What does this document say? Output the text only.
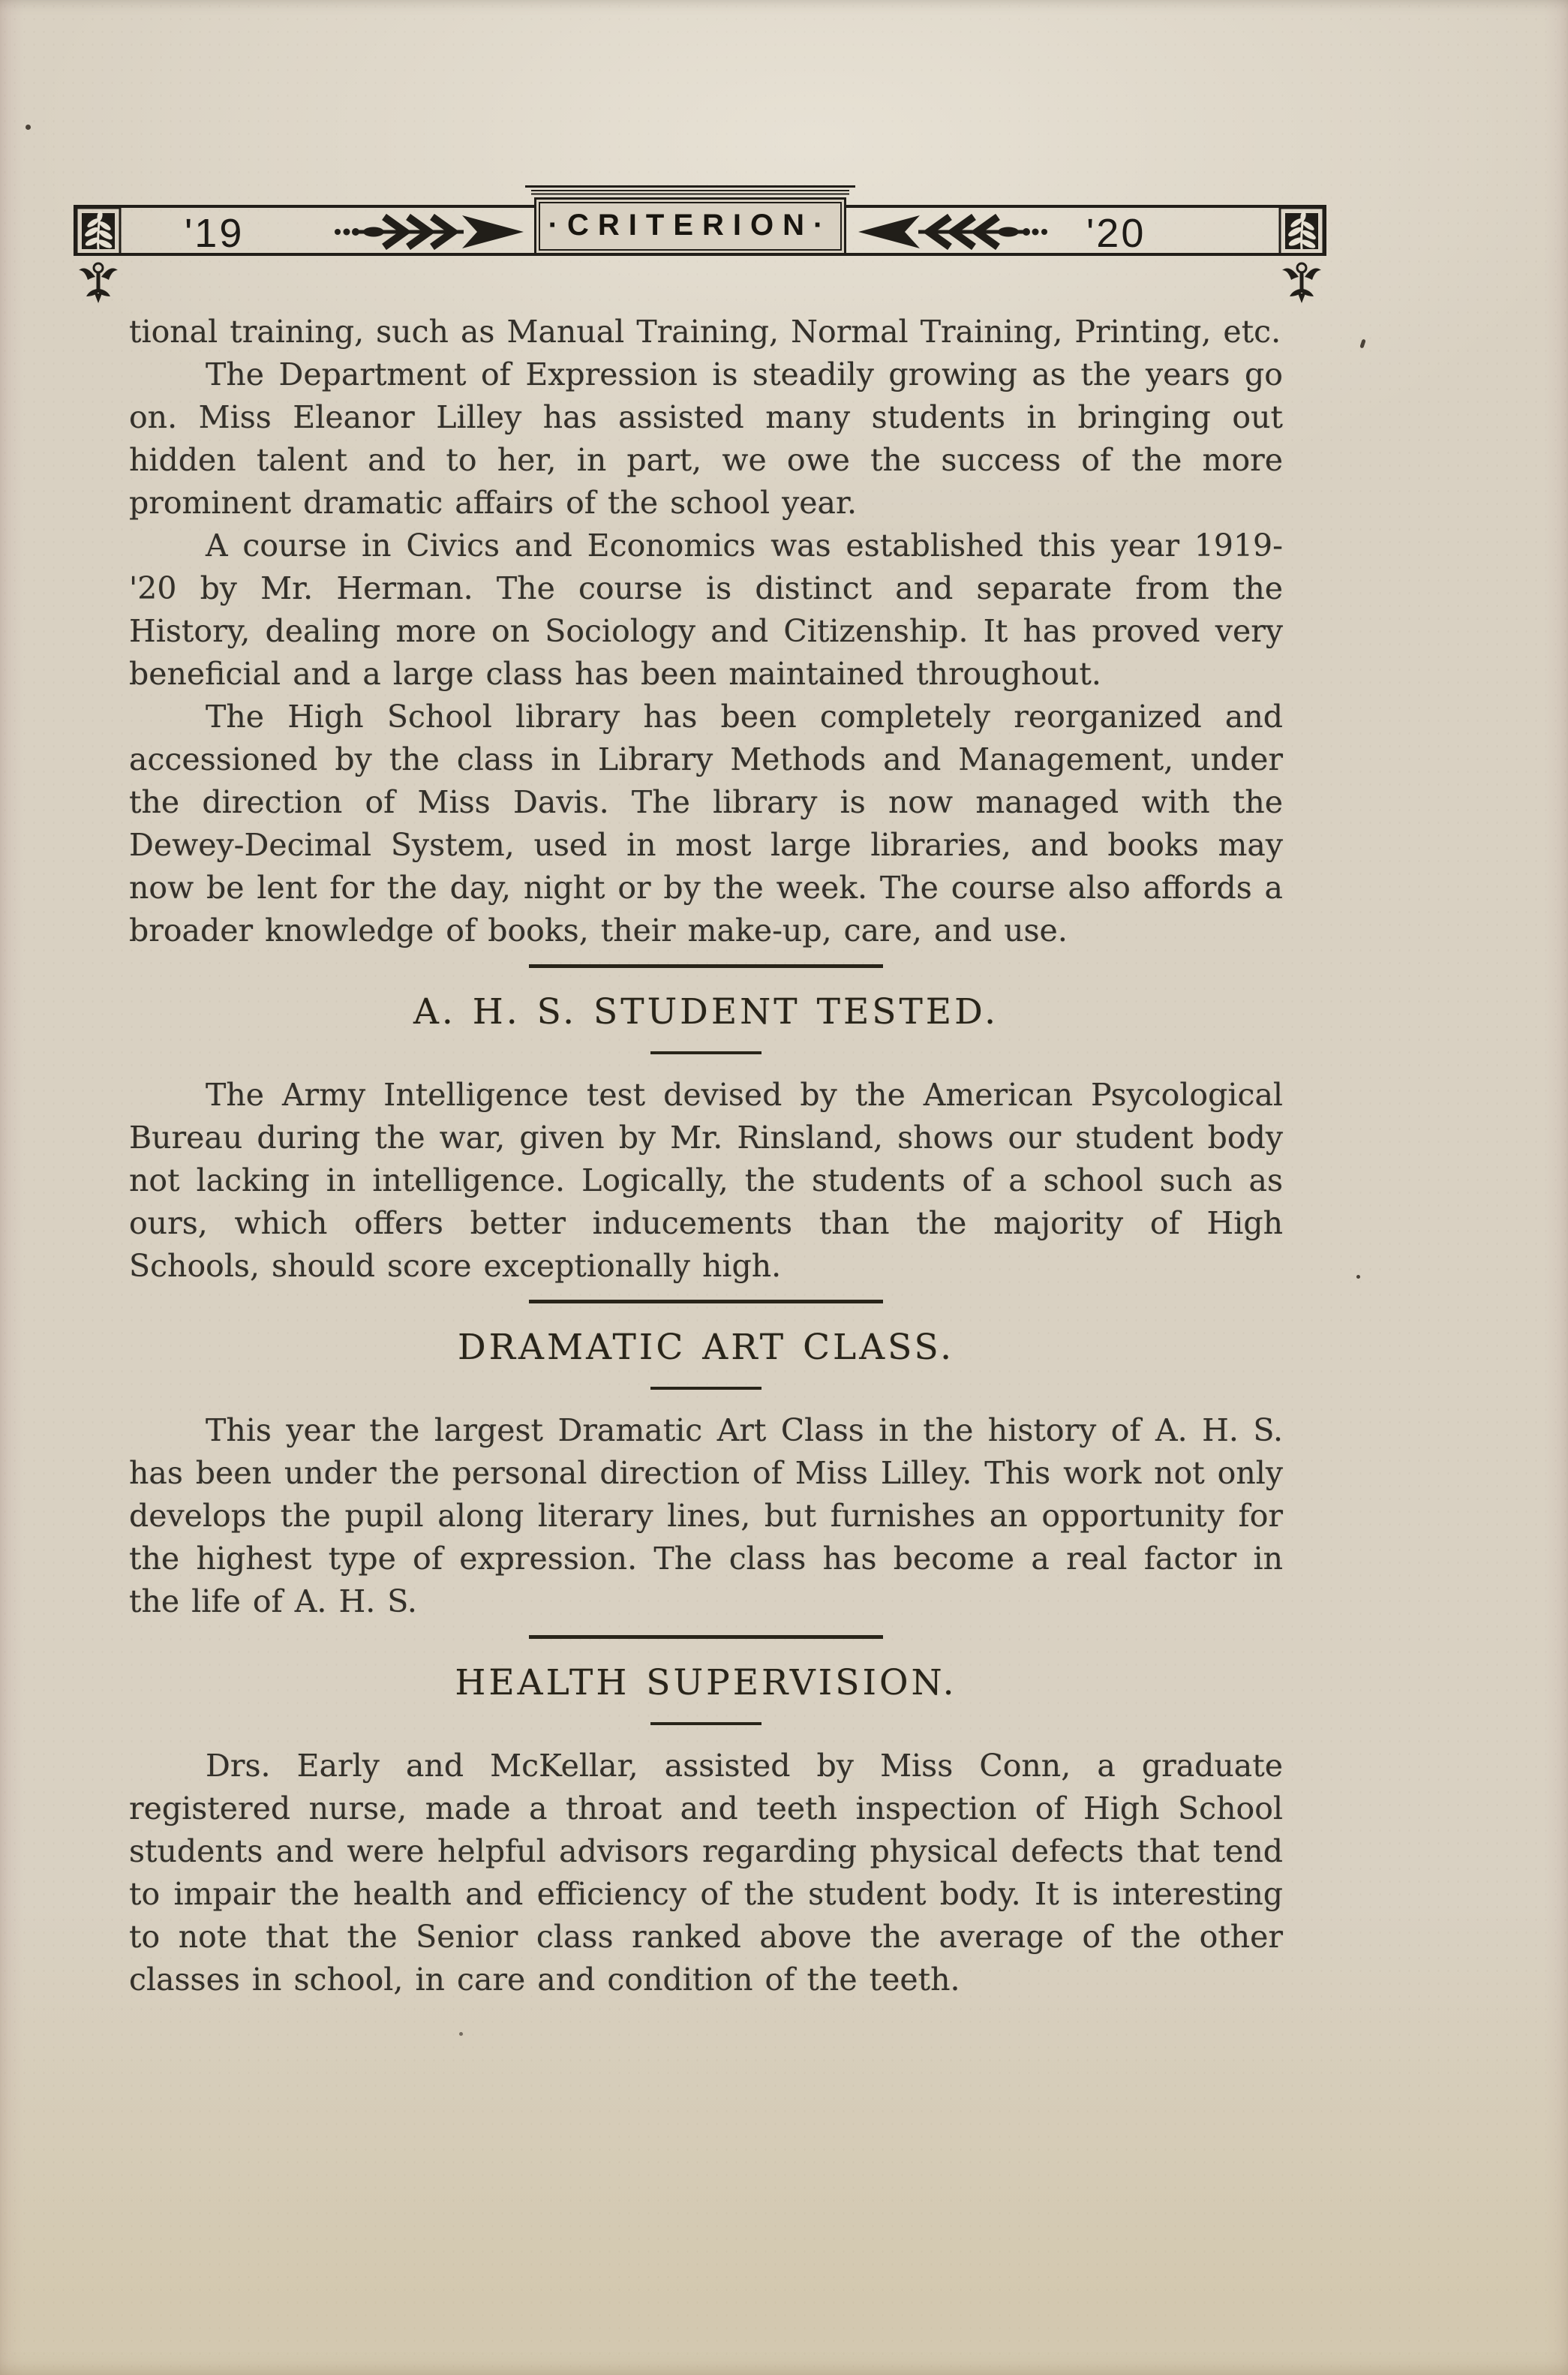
'19	·CRITERION·	'20

tional training, such as Manual Training, Normal Training, Printing, etc.

The Department of Expression is steadily growing as the years go on. Miss Eleanor Lilley has assisted many students in bringing out hidden talent and to her, in part, we owe the success of the more prominent dramatic affairs of the school year.

A course in Civics and Economics was established this year 1919-'20 by Mr. Herman. The course is distinct and separate from the History, dealing more on Sociology and Citizenship. It has proved very beneficial and a large class has been maintained throughout.

The High School library has been completely reorganized and accessioned by the class in Library Methods and Management, under the direction of Miss Davis. The library is now managed with the Dewey-Decimal System, used in most large libraries, and books may now be lent for the day, night or by the week. The course also affords a broader knowledge of books, their make-up, care, and use.

A. H. S. STUDENT TESTED.

The Army Intelligence test devised by the American Psycological Bureau during the war, given by Mr. Rinsland, shows our student body not lacking in intelligence. Logically, the students of a school such as ours, which offers better inducements than the majority of High Schools, should score exceptionally high.

DRAMATIC ART CLASS.

This year the largest Dramatic Art Class in the history of A. H. S. has been under the personal direction of Miss Lilley. This work not only develops the pupil along literary lines, but furnishes an opportunity for the highest type of expression. The class has become a real factor in the life of A. H. S.

HEALTH SUPERVISION.

Drs. Early and McKellar, assisted by Miss Conn, a graduate registered nurse, made a throat and teeth inspection of High School students and were helpful advisors regarding physical defects that tend to impair the health and efficiency of the student body. It is interesting to note that the Senior class ranked above the average of the other classes in school, in care and condition of the teeth.
